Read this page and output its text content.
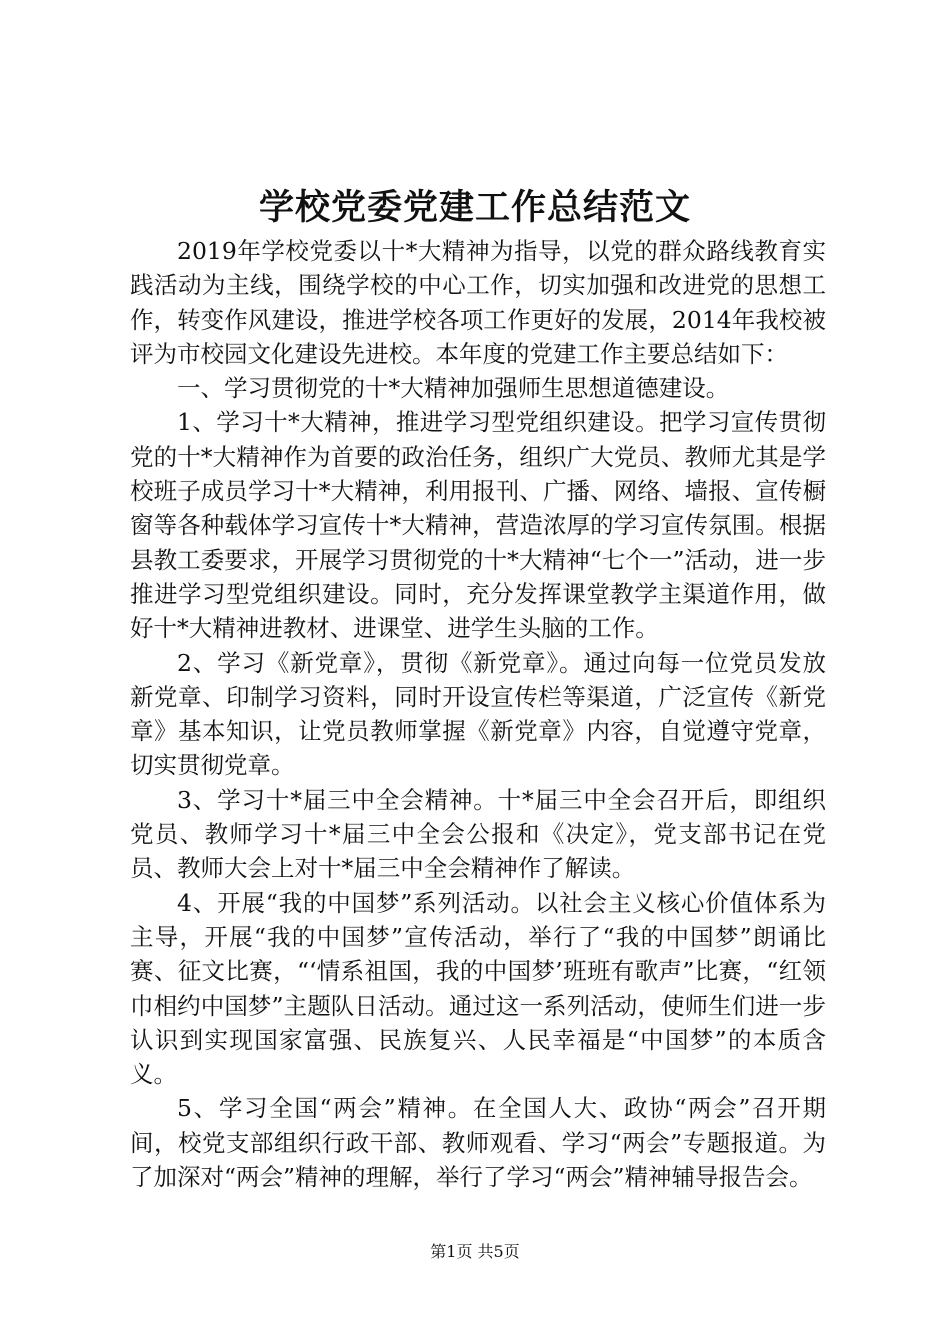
学校党委党建工作总结范文

2019年学校党委以十*大精神为指导，以党的群众路线教育实践活动为主线，围绕学校的中心工作，切实加强和改进党的思想工作，转变作风建设，推进学校各项工作更好的发展，2014年我校被评为市校园文化建设先进校。本年度的党建工作主要总结如下：

一、学习贯彻党的十*大精神加强师生思想道德建设。

1、学习十*大精神，推进学习型党组织建设。把学习宣传贯彻党的十*大精神作为首要的政治任务，组织广大党员、教师尤其是学校班子成员学习十*大精神，利用报刊、广播、网络、墙报、宣传橱窗等各种载体学习宣传十*大精神，营造浓厚的学习宣传氛围。根据县教工委要求，开展学习贯彻党的十*大精神“七个一”活动，进一步推进学习型党组织建设。同时，充分发挥课堂教学主渠道作用，做好十*大精神进教材、进课堂、进学生头脑的工作。

2、学习《新党章》，贯彻《新党章》。通过向每一位党员发放新党章、印制学习资料，同时开设宣传栏等渠道，广泛宣传《新党章》基本知识，让党员教师掌握《新党章》内容，自觉遵守党章，切实贯彻党章。

3、学习十*届三中全会精神。十*届三中全会召开后，即组织党员、教师学习十*届三中全会公报和《决定》，党支部书记在党员、教师大会上对十*届三中全会精神作了解读。

4、开展“我的中国梦”系列活动。以社会主义核心价值体系为主导，开展“我的中国梦”宣传活动，举行了“我的中国梦”朗诵比赛、征文比赛，“‘情系祖国，我的中国梦’班班有歌声”比赛，“红领巾相约中国梦”主题队日活动。通过这一系列活动，使师生们进一步认识到实现国家富强、民族复兴、人民幸福是“中国梦”的本质含义。

5、学习全国“两会”精神。在全国人大、政协“两会”召开期间，校党支部组织行政干部、教师观看、学习“两会”专题报道。为了加深对“两会”精神的理解，举行了学习“两会”精神辅导报告会。

第1页 共5页
